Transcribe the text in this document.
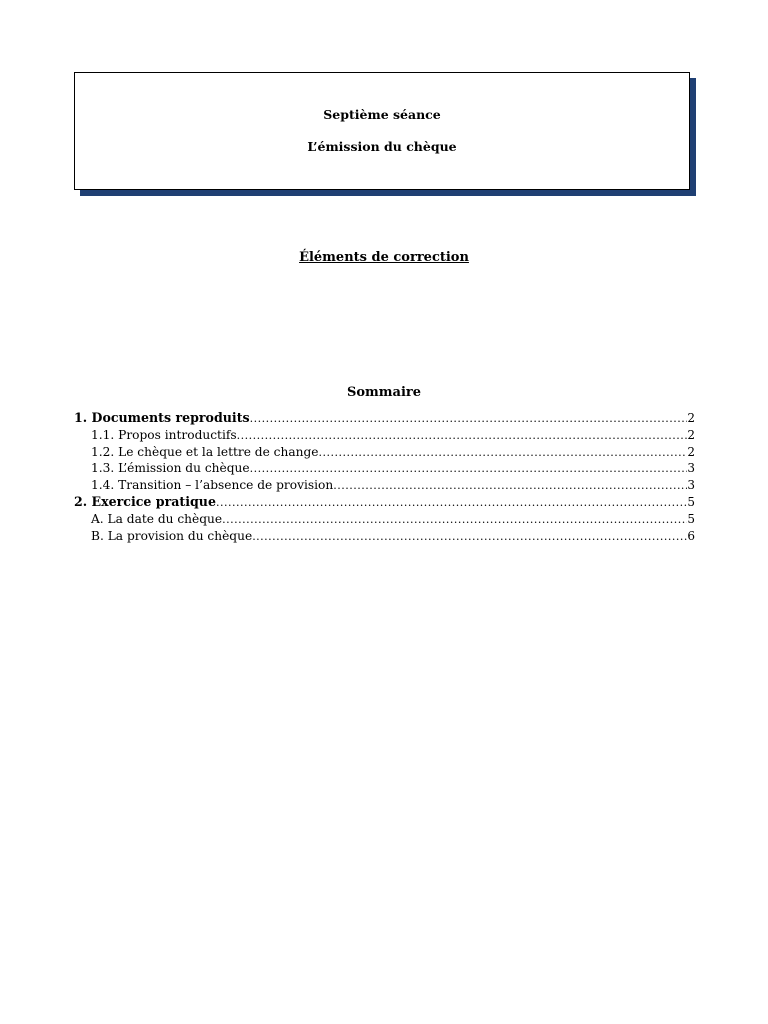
Septième séance
L’émission du chèque
Éléments de correction
Sommaire
1. Documents reproduits .....	2
1.1. Propos introductifs .....	2
1.2. Le chèque et la lettre de change .....	2
1.3. L’émission du chèque .....	3
1.4. Transition – l’absence de provision .....	3
2. Exercice pratique .....	5
A. La date du chèque .....	5
B. La provision du chèque .....	6
